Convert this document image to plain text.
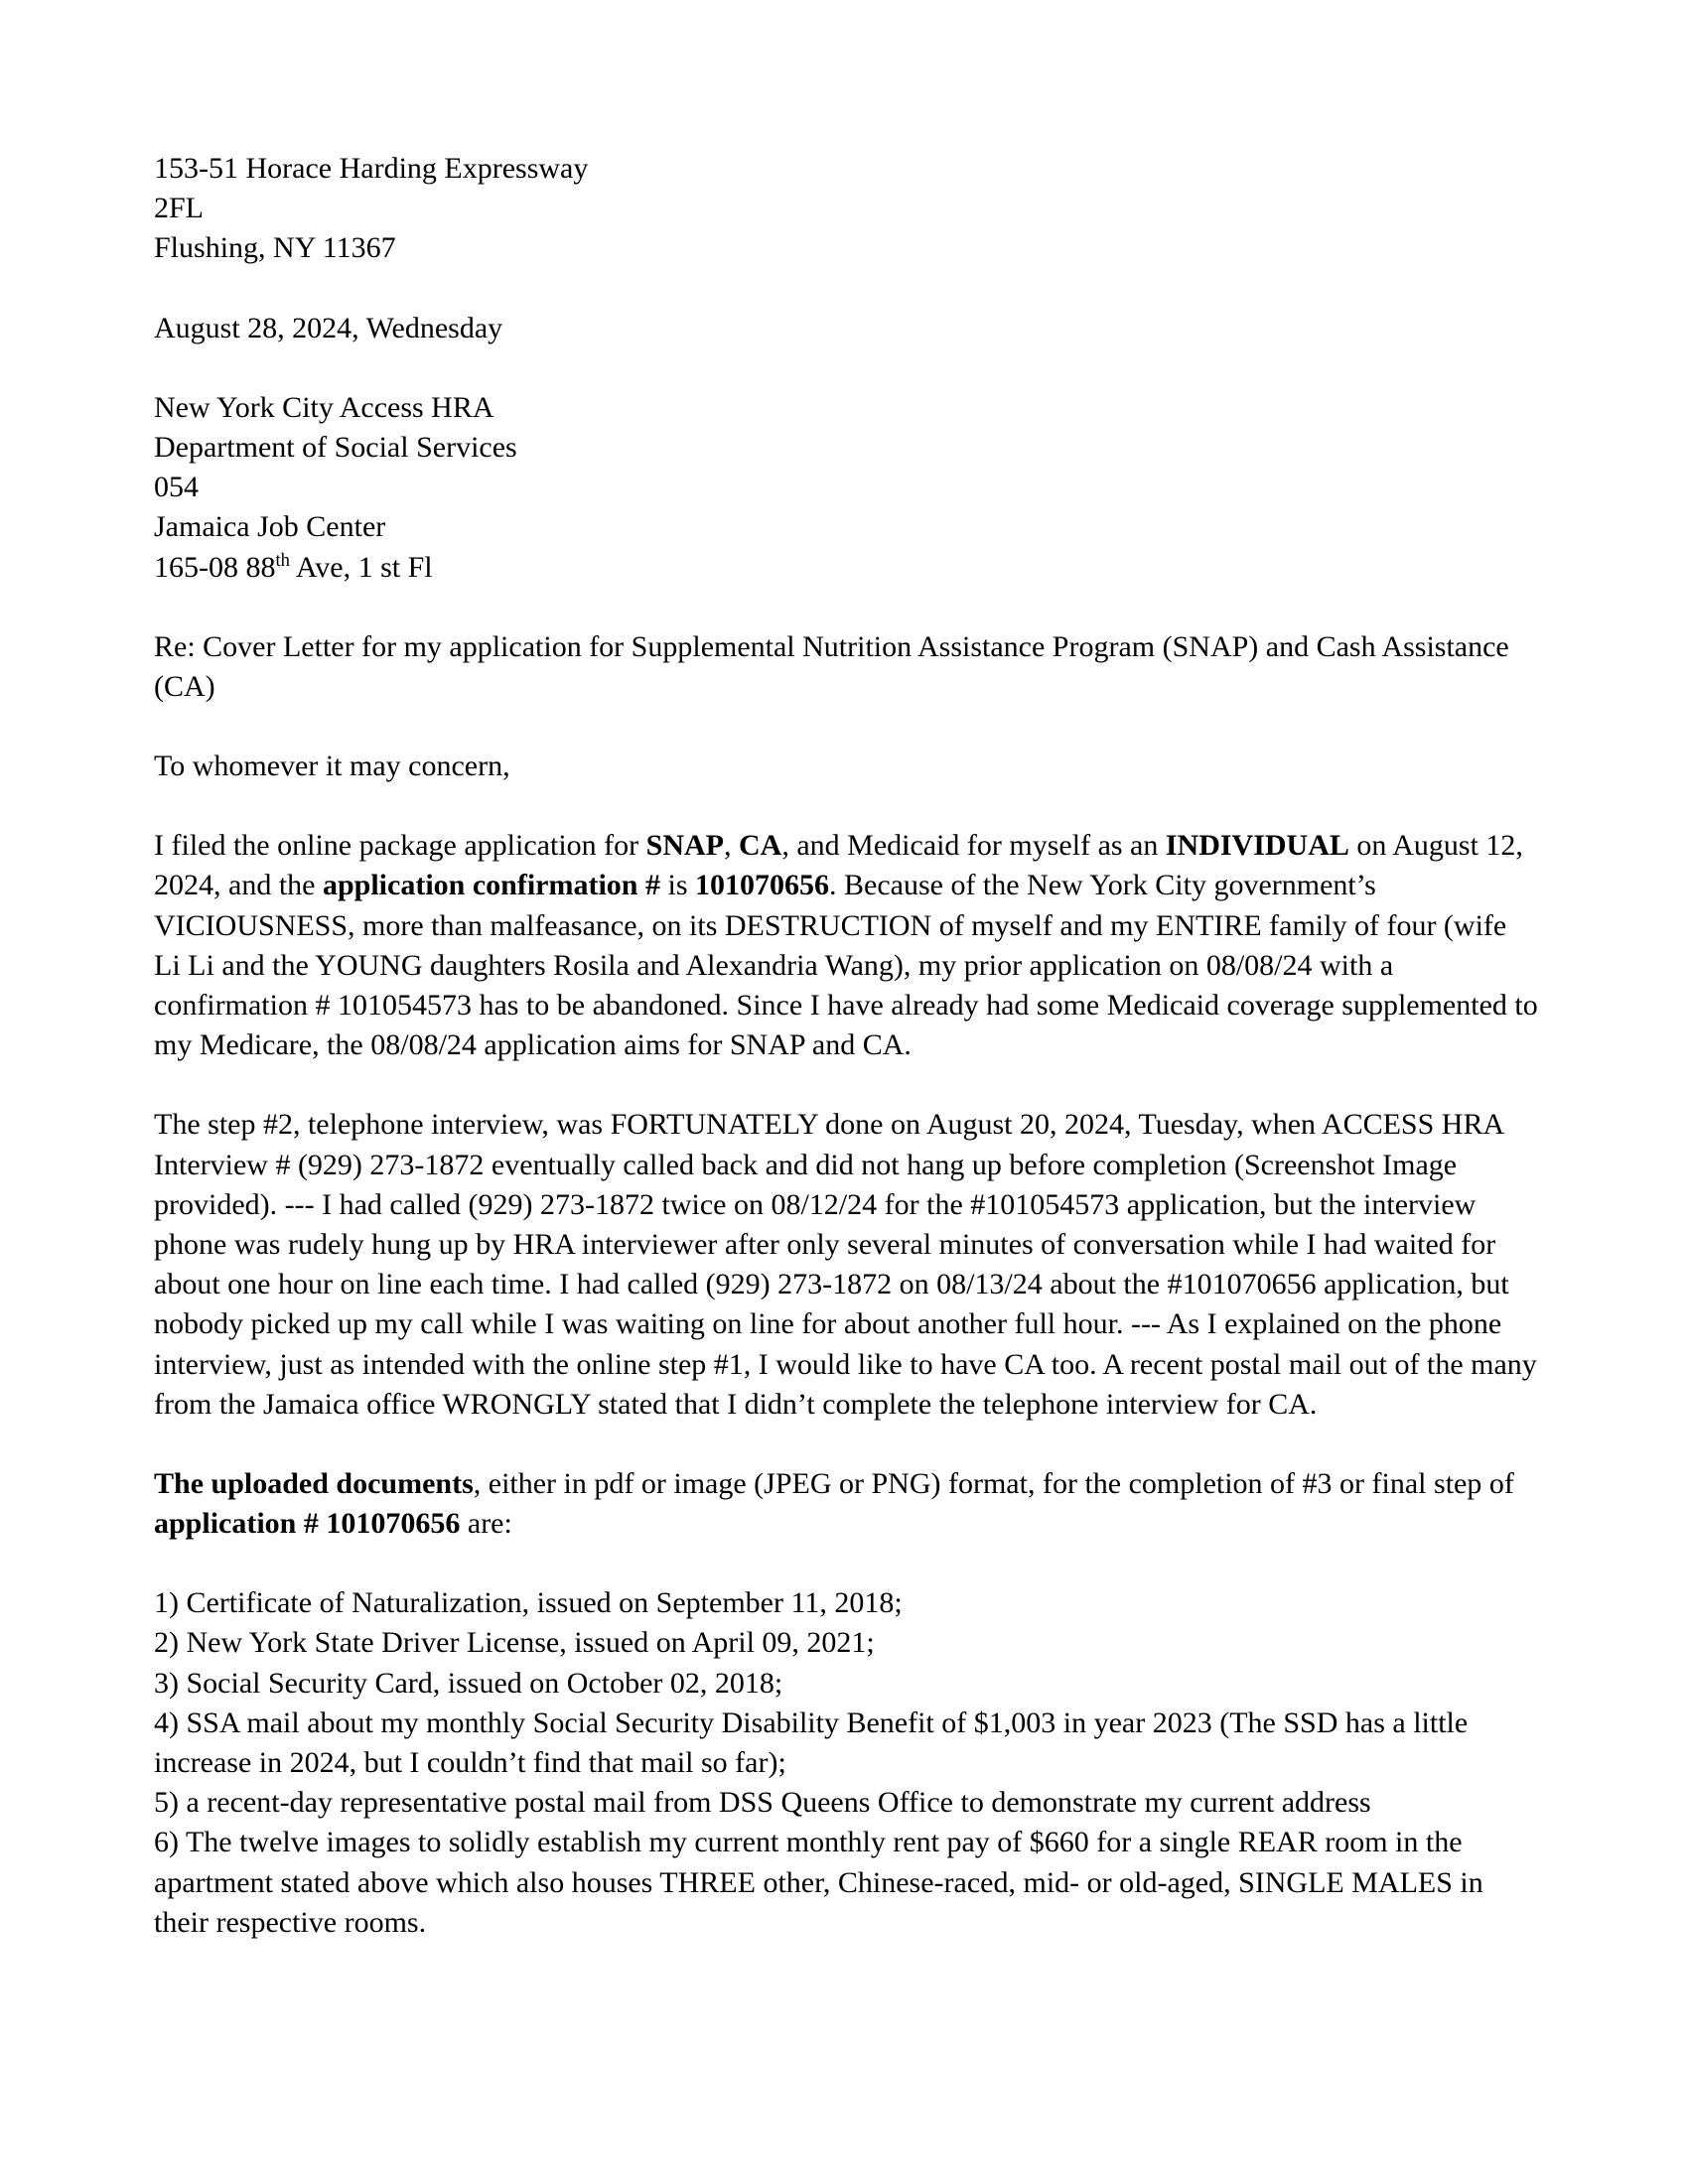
153-51 Horace Harding Expressway
2FL
Flushing, NY 11367
August 28, 2024, Wednesday
New York City Access HRA
Department of Social Services
054
Jamaica Job Center
165-08 88th Ave, 1 st Fl

Re: Cover Letter for my application for Supplemental Nutrition Assistance Program (SNAP) and Cash Assistance (CA)

To whomever it may concern,

I filed the online package application for SNAP, CA, and Medicaid for myself as an INDIVIDUAL on August 12, 2024, and the application confirmation # is 101070656. Because of the New York City government’s VICIOUSNESS, more than malfeasance, on its DESTRUCTION of myself and my ENTIRE family of four (wife Li Li and the YOUNG daughters Rosila and Alexandria Wang), my prior application on 08/08/24 with a confirmation # 101054573 has to be abandoned. Since I have already had some Medicaid coverage supplemented to my Medicare, the 08/08/24 application aims for SNAP and CA.

The step #2, telephone interview, was FORTUNATELY done on August 20, 2024, Tuesday, when ACCESS HRA Interview # (929) 273-1872 eventually called back and did not hang up before completion (Screenshot Image provided). --- I had called (929) 273-1872 twice on 08/12/24 for the #101054573 application, but the interview phone was rudely hung up by HRA interviewer after only several minutes of conversation while I had waited for about one hour on line each time. I had called (929) 273-1872 on 08/13/24 about the #101070656 application, but nobody picked up my call while I was waiting on line for about another full hour. --- As I explained on the phone interview, just as intended with the online step #1, I would like to have CA too. A recent postal mail out of the many from the Jamaica office WRONGLY stated that I didn’t complete the telephone interview for CA.

The uploaded documents, either in pdf or image (JPEG or PNG) format, for the completion of #3 or final step of application # 101070656 are:

1) Certificate of Naturalization, issued on September 11, 2018;
2) New York State Driver License, issued on April 09, 2021;
3) Social Security Card, issued on October 02, 2018;
4) SSA mail about my monthly Social Security Disability Benefit of $1,003 in year 2023 (The SSD has a little increase in 2024, but I couldn’t find that mail so far);
5) a recent-day representative postal mail from DSS Queens Office to demonstrate my current address
6) The twelve images to solidly establish my current monthly rent pay of $660 for a single REAR room in the apartment stated above which also houses THREE other, Chinese-raced, mid- or old-aged, SINGLE MALES in their respective rooms.
